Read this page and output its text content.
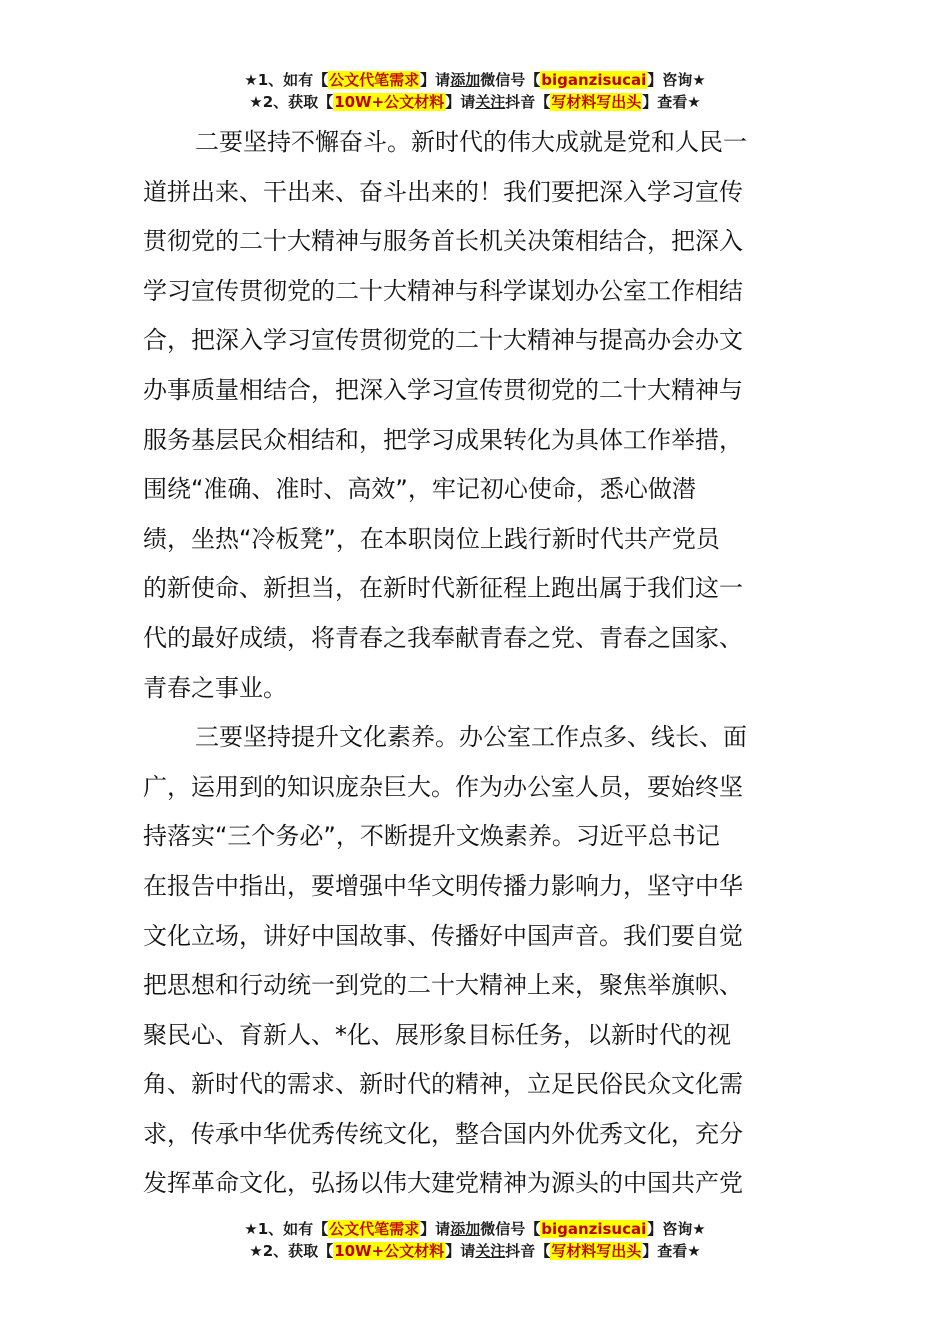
★1、如有【公文代笔需求】请添加微信号【biganzisucai】咨询★
★2、获取【10W+公文材料】请关注抖音【写材料写出头】查看★
二要坚持不懈奋斗。新时代的伟大成就是党和人民一
道拼出来、干出来、奋斗出来的！我们要把深入学习宣传
贯彻党的二十大精神与服务首长机关决策相结合，把深入
学习宣传贯彻党的二十大精神与科学谋划办公室工作相结
合，把深入学习宣传贯彻党的二十大精神与提高办会办文
办事质量相结合，把深入学习宣传贯彻党的二十大精神与
服务基层民众相结和，把学习成果转化为具体工作举措，
围绕“准确、准时、高效”，牢记初心使命，悉心做潜
绩，坐热“冷板凳”，在本职岗位上践行新时代共产党员
的新使命、新担当，在新时代新征程上跑出属于我们这一
代的最好成绩，将青春之我奉献青春之党、青春之国家、
青春之事业。
三要坚持提升文化素养。办公室工作点多、线长、面
广，运用到的知识庞杂巨大。作为办公室人员，要始终坚
持落实“三个务必”，不断提升文焕素养。习近平总书记
在报告中指出，要增强中华文明传播力影响力，坚守中华
文化立场，讲好中国故事、传播好中国声音。我们要自觉
把思想和行动统一到党的二十大精神上来，聚焦举旗帜、
聚民心、育新人、*化、展形象目标任务，以新时代的视
角、新时代的需求、新时代的精神，立足民俗民众文化需
求，传承中华优秀传统文化，整合国内外优秀文化，充分
发挥革命文化，弘扬以伟大建党精神为源头的中国共产党
★1、如有【公文代笔需求】请添加微信号【biganzisucai】咨询★
★2、获取【10W+公文材料】请关注抖音【写材料写出头】查看★
